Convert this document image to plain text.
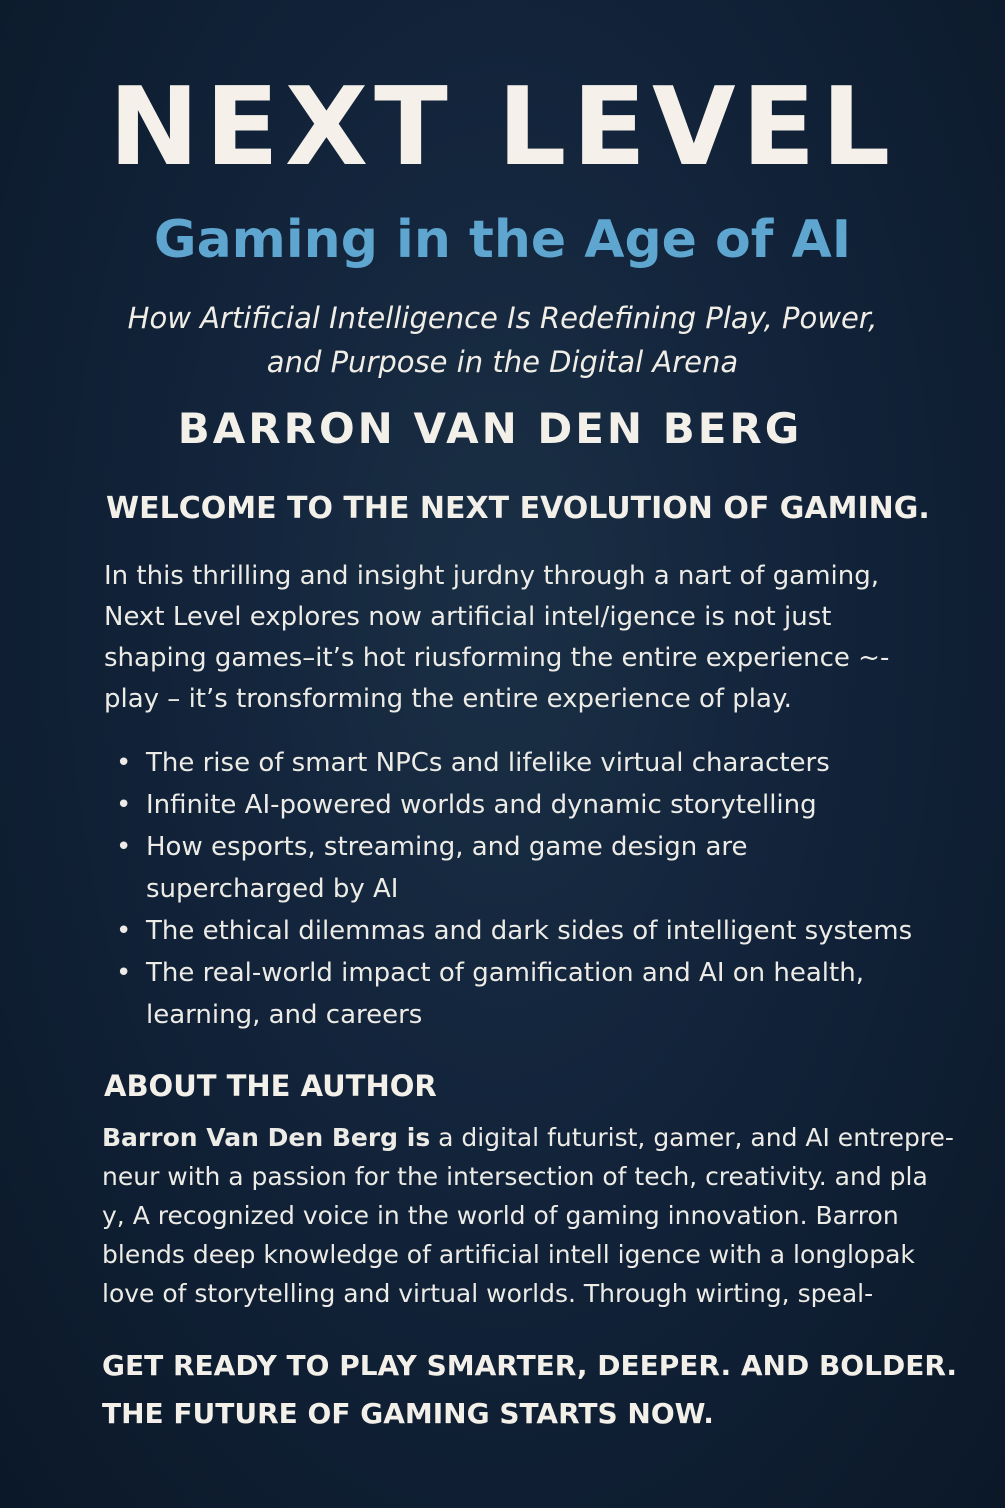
NEXT LEVEL
Gaming in the Age of AI
How Artificial Intelligence Is Redefining Play, Power,
and Purpose in the Digital Arena
BARRON VAN DEN BERG
WELCOME TO THE NEXT EVOLUTION OF GAMING.
In this thrilling and insight jurdny through a nart of gaming,
Next Level explores now artificial intel/igence is not just
shaping games–it’s hot riusforming the entire experience ~-
play – it’s tronsforming the entire experience of play.
• The rise of smart NPCs and lifelike virtual characters
• Infinite AI-powered worlds and dynamic storytelling
• How esports, streaming, and game design are
supercharged by AI
• The ethical dilemmas and dark sides of intelligent systems
• The real-world impact of gamification and AI on health,
learning, and careers
ABOUT THE AUTHOR
Barron Van Den Berg is a digital futurist, gamer, and AI entrepre-
neur with a passion for the intersection of tech, creativity. and pla
y, A recognized voice in the world of gaming innovation. Barron
blends deep knowledge of artificial intell igence with a longlopak
love of storytelling and virtual worlds. Through wirting, speal-
GET READY TO PLAY SMARTER, DEEPER. AND BOLDER.
THE FUTURE OF GAMING STARTS NOW.
